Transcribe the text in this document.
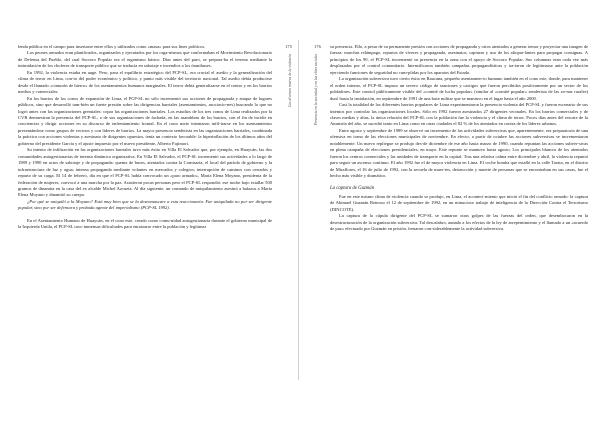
lenda pública en el campo para insertarse entre ellos y utilizados como «masa» para sus fines políticos.

Los peones armados eran planificados, organizados y ejecutados por los orga-nismos que conformaban el Movimiento Revolucionario de Defensa del Pueblo, del cual Socorro Popular era el organismo básico. Días antes del paro, se prepara-ba el terreno mediante la intimidación de los choferes de transporte público que se traducía en sabotaje e incendios a los ómnibuses.

En 1992, la violencia estaba en auge. Pero, para el equilibrio estratégico del PCP-SL, era crucial el asedio y la generalización del clima de terror en Lima, con-to del poder económico y político, y punto más visible del territorio nacional. Tal asedio debía producirse desde el llamado «cinturón de hierro» de los asentamientos humanos marginales. El terror debía generalizarse en el centro y en los barrios medios y comerciales.

En los barrios de los conos de expansión de Lima, el PCP-SL no sólo incrementó sus acciones de propaganda y ataque de lugares públicos, sino que desarrolló tam-bién un fuerte presión sobre las dirigencias barriales (asentamientos, asociacio-nes) buscando lo que no logró antes con las organizaciones gremiales: copar las organizaciones barriales. Los estudios de los tres conos de Lima realizados por la CVR demuestran la presencia del PCP-SL, o de sus organizaciones de fachada, en las asambleas de los barrios, con el fin de incidir en conciencias y dirigir acciones en su discurso de enfrentamiento frontal. En el cono norte intentaron infil-trarse en los asentamientos presentándose como grupos de vecinos y con lideres de barrios. La mayor presencia senderista en las organizaciones barriales, combinada la práctica con acciones violentas y asesinato de dirigentes opuestos, tenía un contexto favorable: la hiperinflación de los últimos años del gobierno del presidente García y el ajuste impuesto por el nuevo presidente, Alberto Fujimori.

Su intento de infiltración en las organizaciones barriales tuvo más éxito en Villa El Salvador que, por ejemplo, en Huaycán, las dos comunidades autogestionarias de intensa dinámica organizativa. En Villa El Salvador, el PCP-SL incrementó sus actividades a lo largo de 1989 y 1990 en actos de sabotaje y de propaganda: quema de buses, atentados contra la Comisaría, el local del partido de gobierno y la infraestructura de luz y agua; intensa propaganda mediante volantes en mercados y colegios; interrupción de caminos con cerrados y reparto de su carga. El 14 de febrero, día en que el PCP-SL había convocado un «paro armado», María Elena Moyano, presidenta de la federación de mujeres, convocó a una marcha por la paz. Asistieron pocas personas pero el PCP-SL respondió: ese noche bajo estallar 500 gramos de dinamita en la casa del ex alcalde Michel Azcueta. Al día siguiente, un comando de aniquilamiento asesinó a balazos a María Elena Moyano y dinamitó su cuerpo.

¿Por qué se aniquiló a la Moyano? Está muy bien que se la desenmascare a esta reaccionaria. Fue aniquilada no por ser dirigente popular, sino por ser defensora y probada agente del imperialismo (PCP-SL 1992).

En el Asentamiento Humano de Huaycán, en el cono este, creado como comu-nidad autogestionaria durante el gobierno municipal de la Izquierda Unida, el PCP-SL tuvo inmensas dificultades para enraizarse entre la población y legitimar

175
Los diversos rostros de la violencia
176
Presencia en la sociedad y en las elites sociales

su presencia. Ello, a pesar de su permanente presión con acciones de propaganda y otros atentados a generar temor y proyectar una imagen de fuerza: marchas relámpago, repartos de víveres y propaganda, asesinatos, capturas y uso de los altopar-lantes para propagar consignas. A principios de los 90, el PCP-SL incrementó su presencia en la zona con el apoyo de Socorro Popular. Sus columnas eran cada vez más desplazadas por el control comunitario. Intensificaron también campañas propagandísticas y tra-taron de legitimarse ante la población ejerciendo funciones de seguridad no cum-plidas por los aparatos del Estado.

La organización subversiva tuvo cierto éxito en Raucana, pequeño asentamien-to humano también en el cono este, donde, para mantener el orden interno, el PCP-SL impuso un severo código de sanciones y castigos que fueron percibidos positivamente por un sector de los pobladores. Este control públicamente visible del «comité de lucha popular» (similar al «comité popular» senderista de las zo-nas rurales) duró hasta la instalación, en septiembre de 1991 de una base militar que se mantuvo en el lugar hasta el año 2000.

Casi la totalidad de los diferentes barrios populares de Lima experimentaron la presencia violenta del PCP-SL y fueron escenario de sus intentos por controlar las organizaciones locales. Sólo en 1992 fueron asesinados 27 dirigentes vecinales. En los barrios comerciales y de clases medias y altas, la única relación del PCP-SL con la población fue la violencia y el clima de terror. Pocos días antes del rescate de la Amnistía del año, se sucedió tanto en Lima como en otras ciudades el 82 % de los atentados en contra de los líderes urbanos.

Entre agosto y septiembre de 1989 se observó un incremento de las actividades subversivas que, aparentemente, era preparatoria de una ofensiva en torno de las elecciones municipales de noviembre. En efecto, a partir de octubre las acciones subversivas se incrementaron notablemente. Un nuevo repliegue se produjo des-de diciembre de ese año hasta marzo de 1990, cuando repuntan las acciones subver-sivas en plena campaña de elecciones presidenciales, en mayo. Este repunte se mantuvo hasta agosto. Los principales blancos de los atentados fueron los centros comerciales y las unidades de transporte en la capital. Tras una relativa calma entre diciembre y abril, la violencia repuntó para seguir un ascenso continuo. El año 1992 fue el de mayor violencia en Lima. El coche bomba que estalló en la calle Tarata, en el distrito de Miraflores, el 16 de julio de 1992, con la secuela de muer-tes, destrucción y muerte de personas que se encontraban en sus casas, fue el hecho más visible y dramático.

La captura de Guzmán

Fue en este mismo clima de violencia cuando se produjo, en Lima, el aconteci-miento que inició el fin del conflicto armado: la captura de Abimael Guzmán Reinoso el 12 de septiembre de 1992, en un minucioso trabajo de inteligencia de la Dirección Contra el Terrorismo (DINCOTE).

La captura de la cúpula dirigente del PCP-SL se sumaron otras golpes de las fuerzas del orden, que desembocaron en la desestructuración de la organización subversiva. Tal descalabro, aunado a los efectos de la ley de arrepentimiento y el llamado a un «acuerdo de paz» efectuado por Guzmán en prisión, frenaron con-siderablemente la actividad subversiva.
